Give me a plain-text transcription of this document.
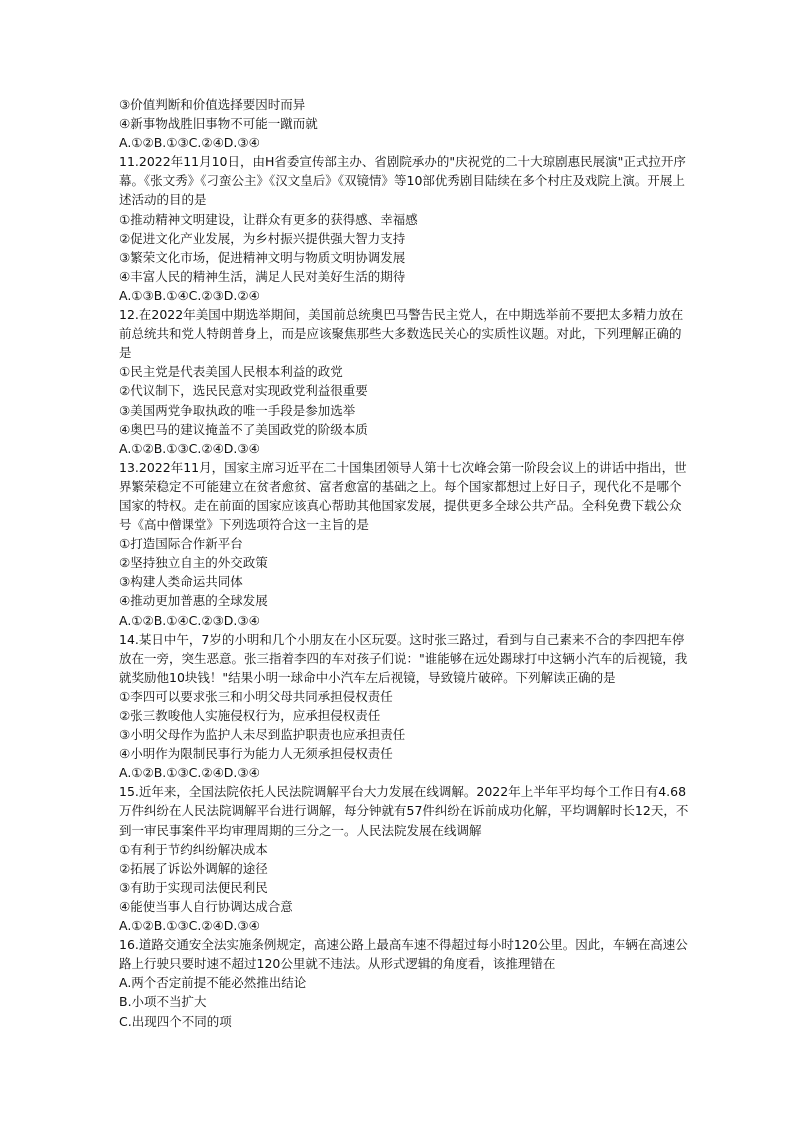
③价值判断和价值选择要因时而异
④新事物战胜旧事物不可能一蹴而就
A.①②B.①③C.②④D.③④
11.2022年11月10日，由H省委宣传部主办、省剧院承办的"庆祝党的二十大琼剧惠民展演"正式拉开序幕。《张文秀》《刁蛮公主》《汉文皇后》《双镜情》等10部优秀剧目陆续在多个村庄及戏院上演。开展上述活动的目的是
①推动精神文明建设，让群众有更多的获得感、幸福感
②促进文化产业发展，为乡村振兴提供强大智力支持
③繁荣文化市场，促进精神文明与物质文明协调发展
④丰富人民的精神生活，满足人民对美好生活的期待
A.①③B.①④C.②③D.②④
12.在2022年美国中期选举期间，美国前总统奥巴马警告民主党人，在中期选举前不要把太多精力放在前总统共和党人特朗普身上，而是应该聚焦那些大多数选民关心的实质性议题。对此，下列理解正确的是
①民主党是代表美国人民根本利益的政党
②代议制下，选民民意对实现政党利益很重要
③美国两党争取执政的唯一手段是参加选举
④奥巴马的建议掩盖不了美国政党的阶级本质
A.①②B.①③C.②④D.③④
13.2022年11月，国家主席习近平在二十国集团领导人第十七次峰会第一阶段会议上的讲话中指出，世界繁荣稳定不可能建立在贫者愈贫、富者愈富的基础之上。每个国家都想过上好日子，现代化不是哪个国家的特权。走在前面的国家应该真心帮助其他国家发展，提供更多全球公共产品。全科免费下载公众号《高中僧课堂》下列选项符合这一主旨的是
①打造国际合作新平台
②坚持独立自主的外交政策
③构建人类命运共同体
④推动更加普惠的全球发展
A.①②B.①④C.②③D.③④
14.某日中午，7岁的小明和几个小朋友在小区玩耍。这时张三路过，看到与自己素来不合的李四把车停放在一旁，突生恶意。张三指着李四的车对孩子们说："谁能够在远处踢球打中这辆小汽车的后视镜，我就奖励他10块钱！"结果小明一球命中小汽车左后视镜，导致镜片破碎。下列解读正确的是
①李四可以要求张三和小明父母共同承担侵权责任
②张三教唆他人实施侵权行为，应承担侵权责任
③小明父母作为监护人未尽到监护职责也应承担责任
④小明作为限制民事行为能力人无须承担侵权责任
A.①②B.①③C.②④D.③④
15.近年来，全国法院依托人民法院调解平台大力发展在线调解。2022年上半年平均每个工作日有4.68万件纠纷在人民法院调解平台进行调解，每分钟就有57件纠纷在诉前成功化解，平均调解时长12天，不到一审民事案件平均审理周期的三分之一。人民法院发展在线调解
①有利于节约纠纷解决成本
②拓展了诉讼外调解的途径
③有助于实现司法便民利民
④能使当事人自行协调达成合意
A.①②B.①③C.②④D.③④
16.道路交通安全法实施条例规定，高速公路上最高车速不得超过每小时120公里。因此，车辆在高速公路上行驶只要时速不超过120公里就不违法。从形式逻辑的角度看，该推理错在
A.两个否定前提不能必然推出结论
B.小项不当扩大
C.出现四个不同的项
